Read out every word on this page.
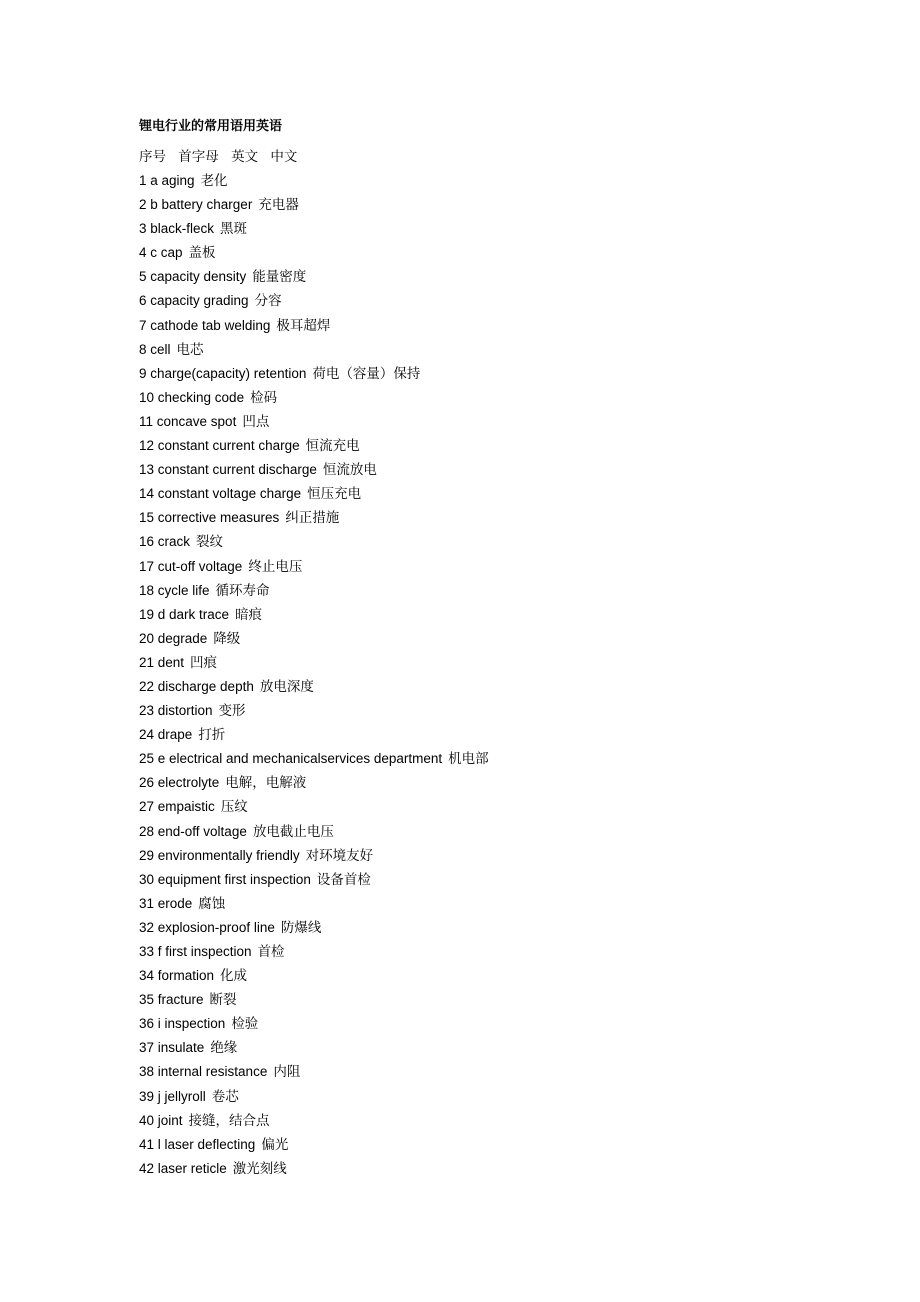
锂电行业的常用语用英语
序号 首字母 英文 中文
1 a aging 老化
2 b battery charger 充电器
3 black-fleck 黑斑
4 c cap 盖板
5 capacity density 能量密度
6 capacity grading 分容
7 cathode tab welding 极耳超焊
8 cell 电芯
9 charge(capacity) retention 荷电（容量）保持
10 checking code 检码
11 concave spot 凹点
12 constant current charge 恒流充电
13 constant current discharge 恒流放电
14 constant voltage charge 恒压充电
15 corrective measures 纠正措施
16 crack 裂纹
17 cut-off voltage 终止电压
18 cycle life 循环寿命
19 d dark trace 暗痕
20 degrade 降级
21 dent 凹痕
22 discharge depth 放电深度
23 distortion 变形
24 drape 打折
25 e electrical and mechanicalservices department 机电部
26 electrolyte 电解，电解液
27 empaistic 压纹
28 end-off voltage 放电截止电压
29 environmentally friendly 对环境友好
30 equipment first inspection 设备首检
31 erode 腐蚀
32 explosion-proof line 防爆线
33 f first inspection 首检
34 formation 化成
35 fracture 断裂
36 i inspection 检验
37 insulate 绝缘
38 internal resistance 内阻
39 j jellyroll 卷芯
40 joint 接缝，结合点
41 l laser deflecting 偏光
42 laser reticle 激光刻线
